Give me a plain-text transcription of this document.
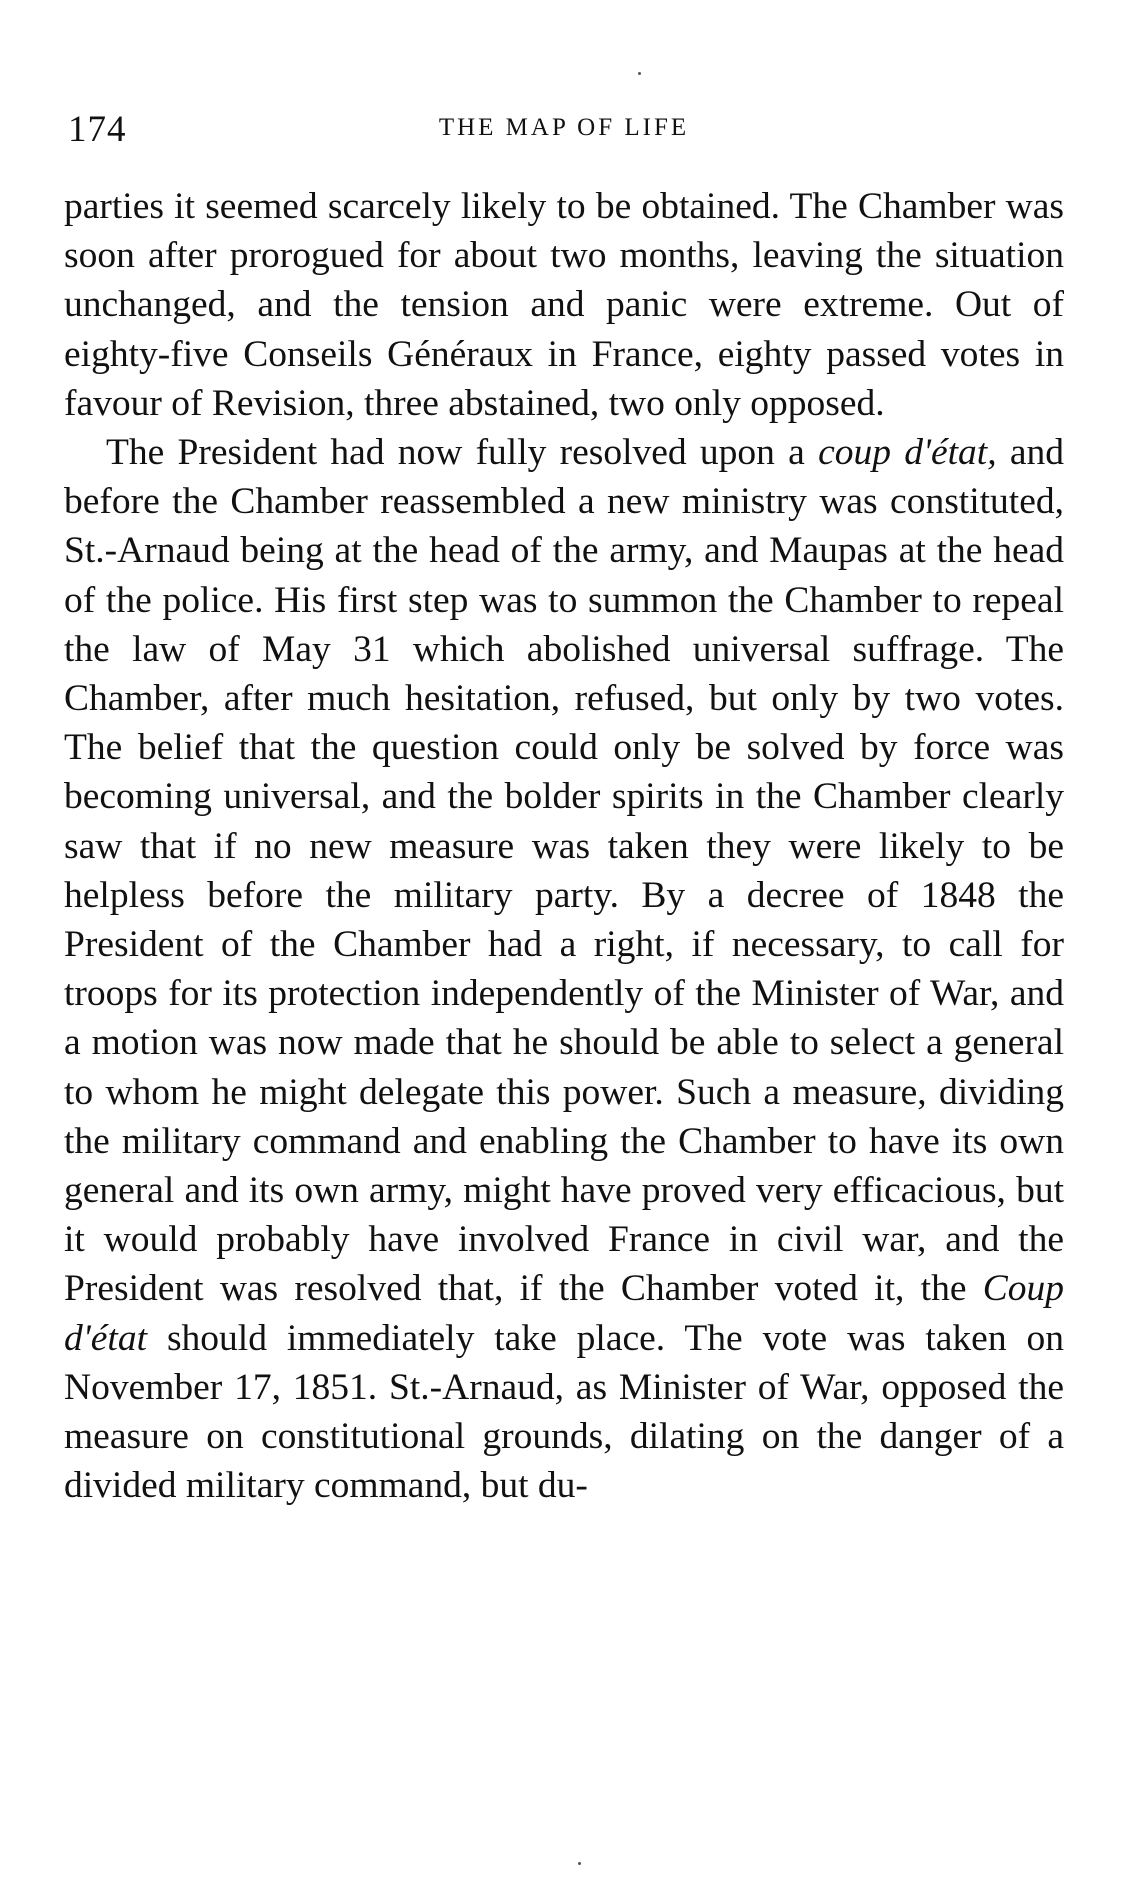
174	THE MAP OF LIFE

parties it seemed scarcely likely to be obtained. The Chamber was soon after prorogued for about two months, leaving the situation unchanged, and the tension and panic were extreme. Out of eighty-five Conseils Généraux in France, eighty passed votes in favour of Revision, three abstained, two only opposed.

The President had now fully resolved upon a coup d'état, and before the Chamber reassembled a new ministry was constituted, St.-Arnaud being at the head of the army, and Maupas at the head of the police. His first step was to summon the Chamber to repeal the law of May 31 which abolished universal suffrage. The Chamber, after much hesitation, refused, but only by two votes. The belief that the question could only be solved by force was becoming universal, and the bolder spirits in the Chamber clearly saw that if no new measure was taken they were likely to be helpless before the military party. By a decree of 1848 the President of the Chamber had a right, if necessary, to call for troops for its protection independently of the Minister of War, and a motion was now made that he should be able to select a general to whom he might delegate this power. Such a measure, dividing the military command and enabling the Chamber to have its own general and its own army, might have proved very efficacious, but it would probably have involved France in civil war, and the President was resolved that, if the Chamber voted it, the Coup d'état should immediately take place. The vote was taken on November 17, 1851. St.-Arnaud, as Minister of War, opposed the measure on constitutional grounds, dilating on the danger of a divided military command, but du-
